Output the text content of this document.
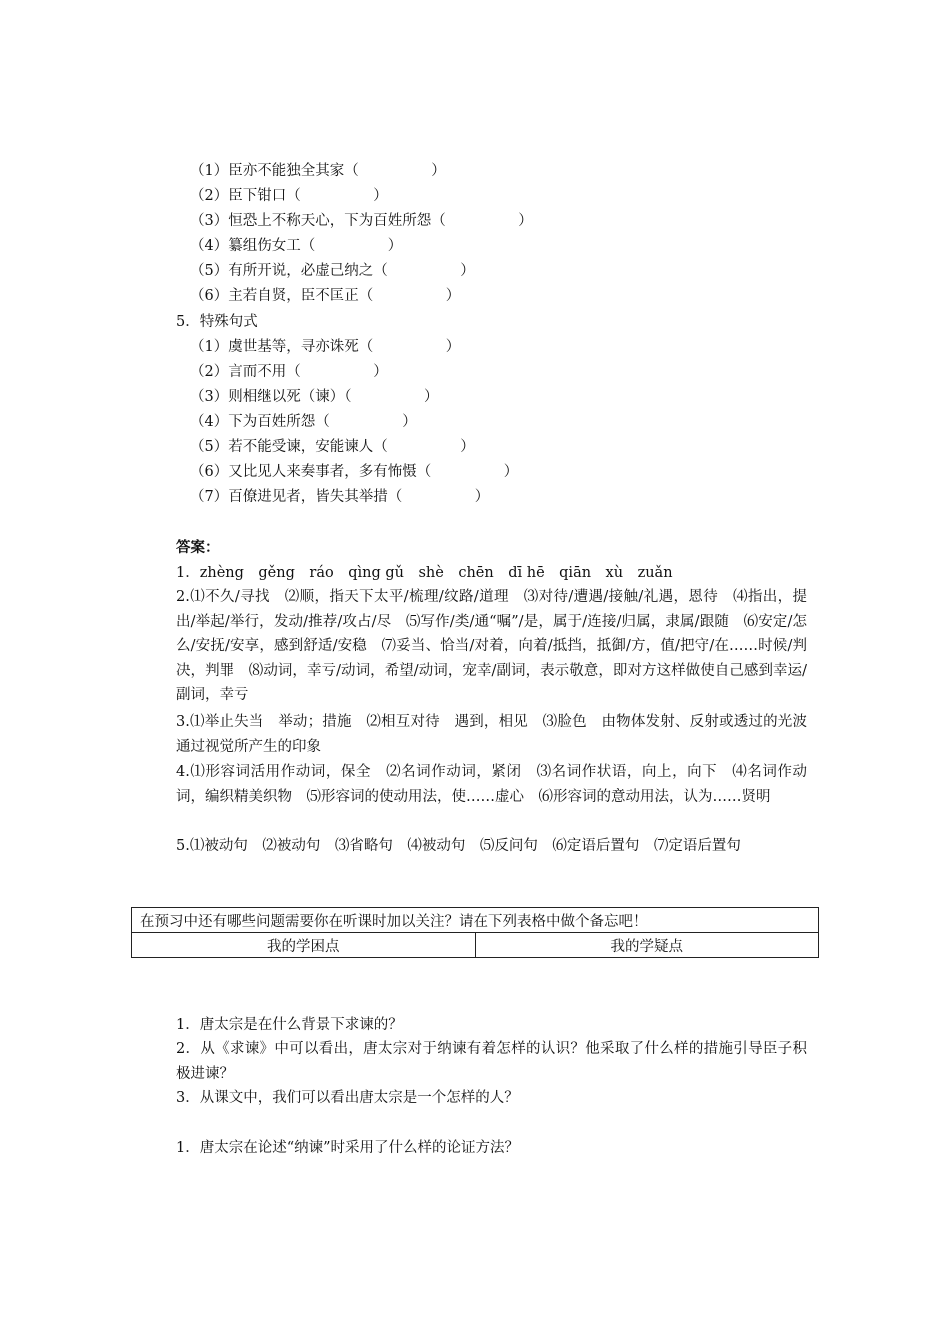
（1）臣亦不能独全其家（　　　　　）
（2）臣下钳口（　　　　　）
（3）恒恐上不称天心，下为百姓所怨（　　　　　）
（4）纂组伤女工（　　　　　）
（5）有所开说，必虚己纳之（　　　　　）
（6）主若自贤，臣不匡正（　　　　　）
5．特殊句式
（1）虞世基等，寻亦诛死（　　　　　）
（2）言而不用（　　　　　）
（3）则相继以死（谏）（　　　　　）
（4）下为百姓所怨（　　　　　）
（5）若不能受谏，安能谏人（　　　　　）
（6）又比见人来奏事者，多有怖慑（　　　　　）
（7）百僚进见者，皆失其举措（　　　　　）
答案：
1．zhèng　gěng　ráo　qìng gǔ　shè　chēn　dī hē　qiān　xù　zuǎn
2.⑴不久/寻找　⑵顺，指天下太平/梳理/纹路/道理　⑶对待/遭遇/接触/礼遇，恩待　⑷指出，提出/举起/举行，发动/推荐/攻占/尽　⑸写作/类/通“嘱”/是，属于/连接/归属，隶属/跟随　⑹安定/怎么/安抚/安享，感到舒适/安稳　⑺妥当、恰当/对着，向着/抵挡，抵御/方，值/把守/在……时候/判决，判罪　⑻动词，幸亏/动词，希望/动词，宠幸/副词，表示敬意，即对方这样做使自己感到幸运/副词，幸亏
3.⑴举止失当　举动；措施　⑵相互对待　遇到，相见　⑶脸色　由物体发射、反射或透过的光波通过视觉所产生的印象
4.⑴形容词活用作动词，保全　⑵名词作动词，紧闭　⑶名词作状语，向上，向下　⑷名词作动词，编织精美织物　⑸形容词的使动用法，使……虚心　⑹形容词的意动用法，认为……贤明
5.⑴被动句　⑵被动句　⑶省略句　⑷被动句　⑸反问句　⑹定语后置句　⑺定语后置句
在预习中还有哪些问题需要你在听课时加以关注？请在下列表格中做个备忘吧！
我的学困点	我的学疑点
1．唐太宗是在什么背景下求谏的？
2．从《求谏》中可以看出，唐太宗对于纳谏有着怎样的认识？他采取了什么样的措施引导臣子积极进谏？
3．从课文中，我们可以看出唐太宗是一个怎样的人？
1．唐太宗在论述“纳谏”时采用了什么样的论证方法？
